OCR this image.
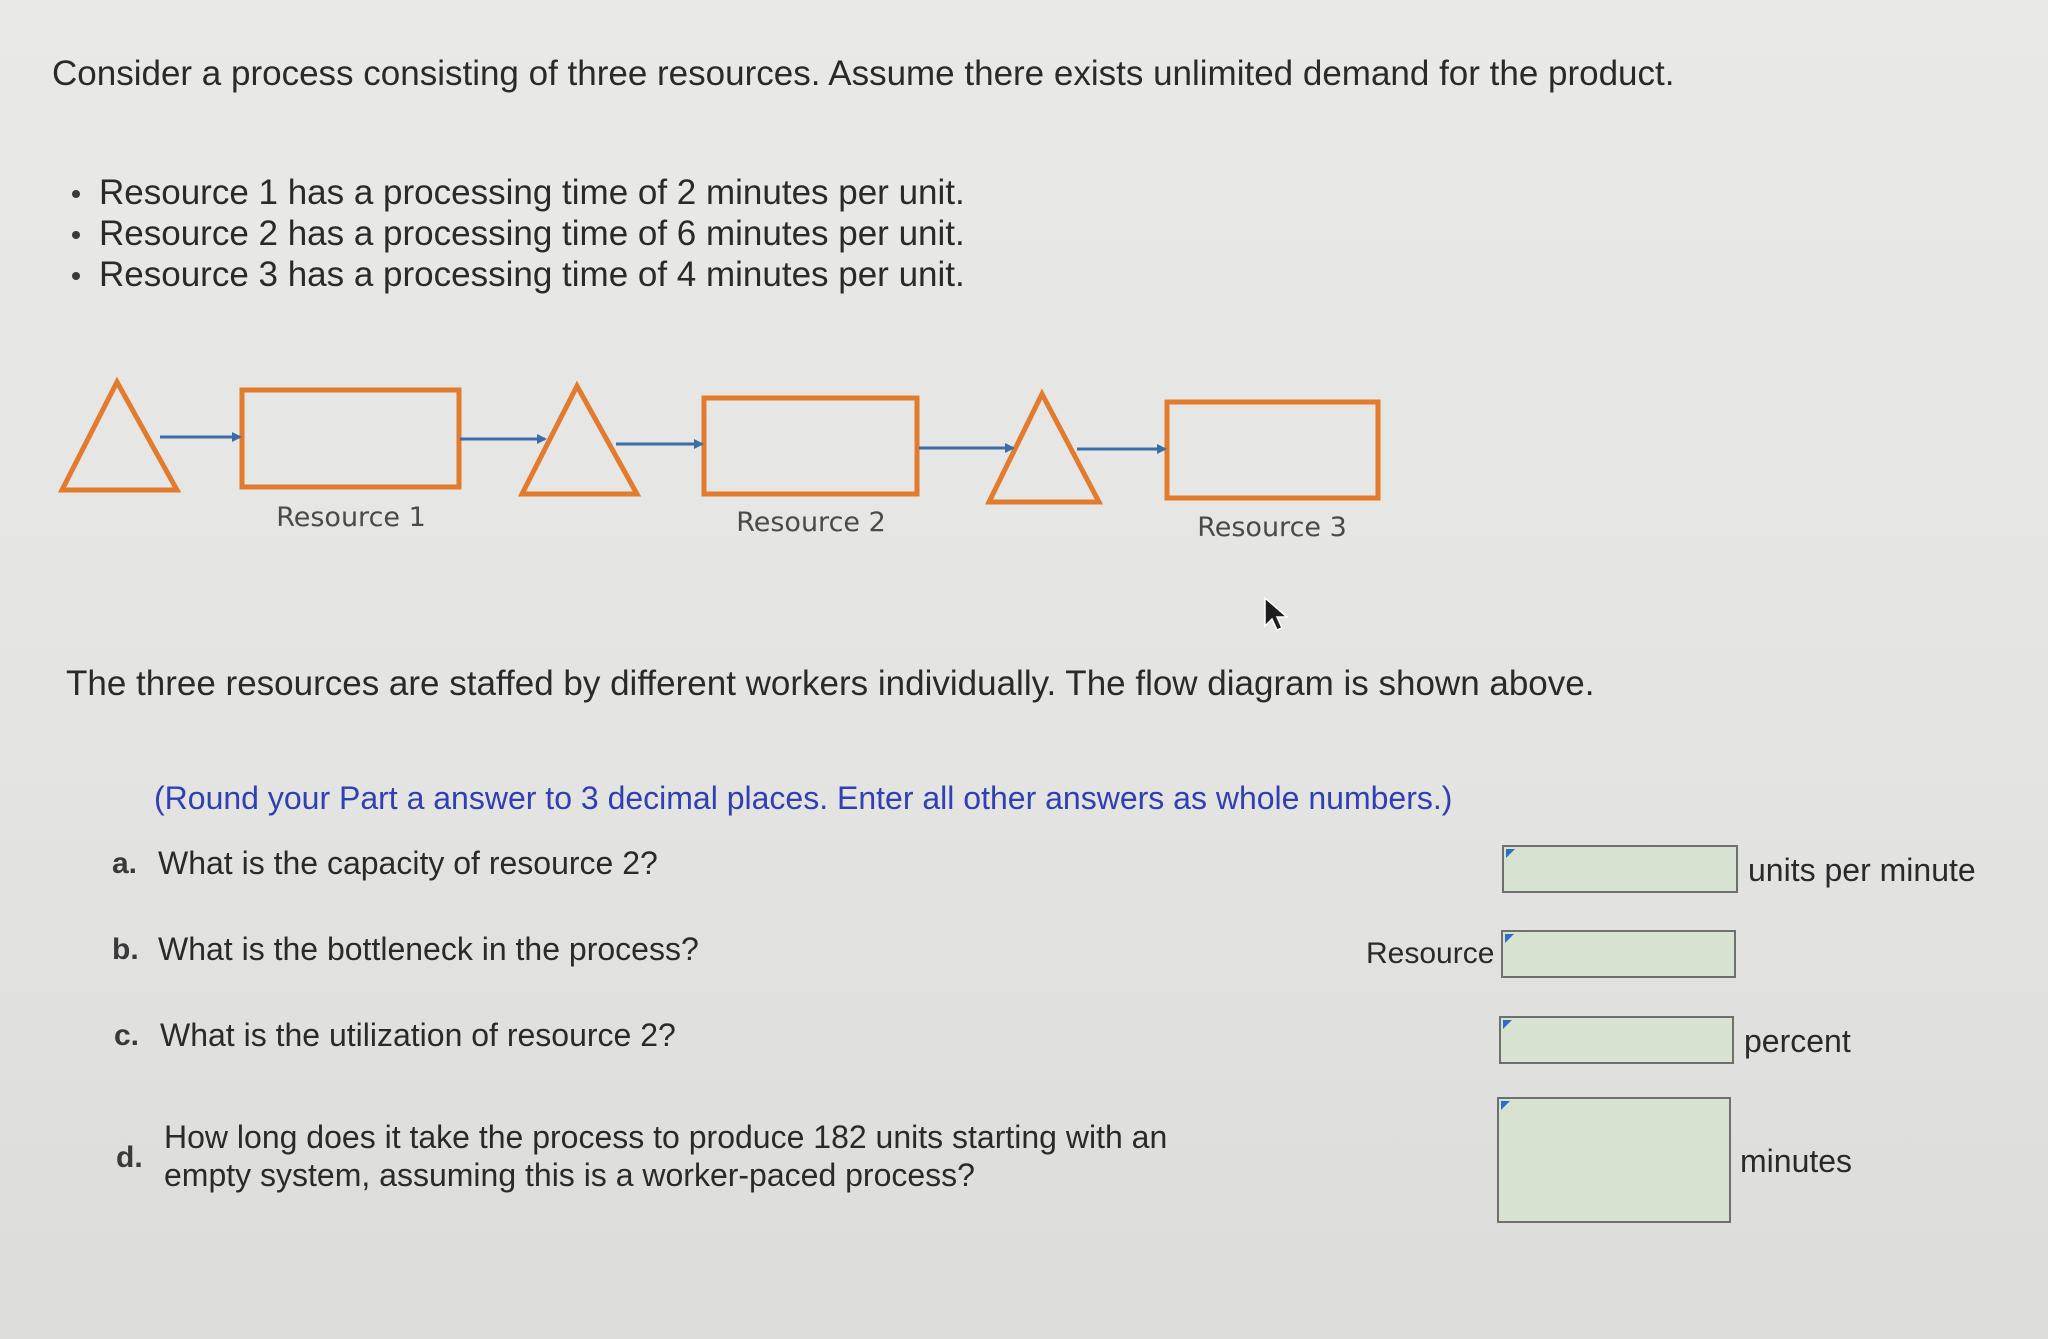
Consider a process consisting of three resources. Assume there exists unlimited demand for the product.
Resource 1 has a processing time of 2 minutes per unit.
Resource 2 has a processing time of 6 minutes per unit.
Resource 3 has a processing time of 4 minutes per unit.
Resource 1	Resource 2	Resource 3
The three resources are staffed by different workers individually. The flow diagram is shown above.
(Round your Part a answer to 3 decimal places. Enter all other answers as whole numbers.)
a. What is the capacity of resource 2?	units per minute
b. What is the bottleneck in the process?	Resource
c. What is the utilization of resource 2?	percent
d.
How long does it take the process to produce 182 units starting with an
empty system, assuming this is a worker-paced process?	minutes
